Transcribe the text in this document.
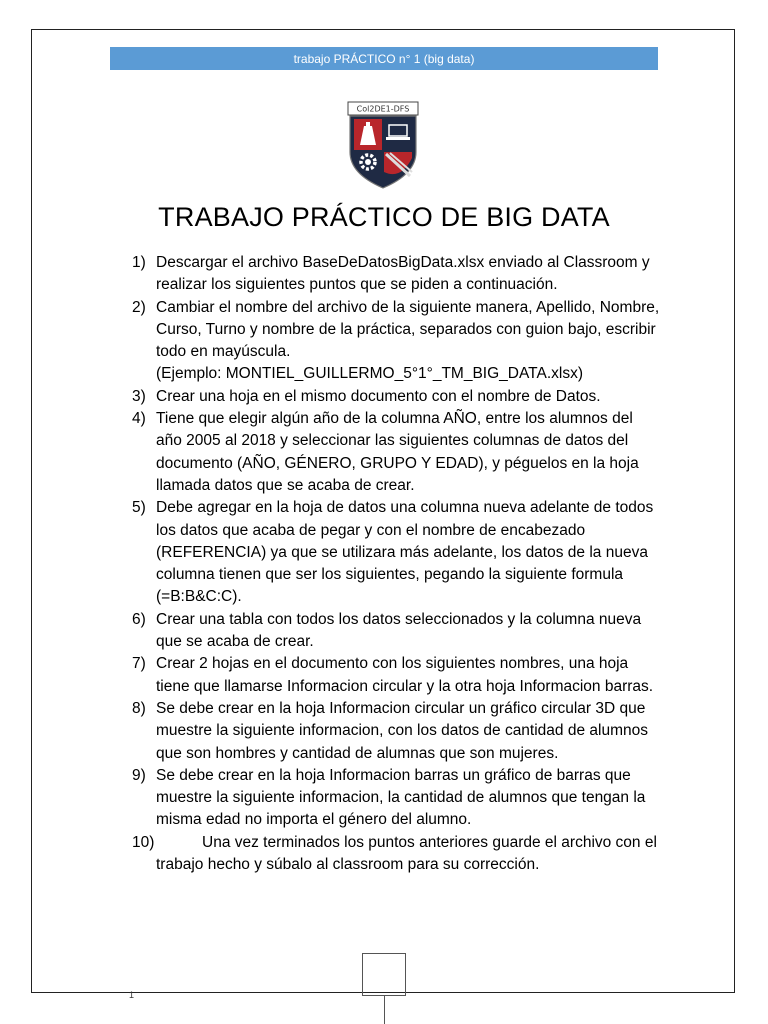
trabajo PRÁCTICO n° 1 (big data)
Col2DE1-DFS
TRABAJO PRÁCTICO DE BIG DATA
1) Descargar el archivo BaseDeDatosBigData.xlsx enviado al Classroom y realizar los siguientes puntos que se piden a continuación.
2) Cambiar el nombre del archivo de la siguiente manera, Apellido, Nombre, Curso, Turno y nombre de la práctica, separados con guion bajo, escribir todo en mayúscula.
(Ejemplo: MONTIEL_GUILLERMO_5°1°_TM_BIG_DATA.xlsx)
3) Crear una hoja en el mismo documento con el nombre de Datos.
4) Tiene que elegir algún año de la columna AÑO, entre los alumnos del año 2005 al 2018 y seleccionar las siguientes columnas de datos del documento (AÑO, GÉNERO, GRUPO Y EDAD), y péguelos en la hoja llamada datos que se acaba de crear.
5) Debe agregar en la hoja de datos una columna nueva adelante de todos los datos que acaba de pegar y con el nombre de encabezado (REFERENCIA) ya que se utilizara más adelante, los datos de la nueva columna tienen que ser los siguientes, pegando la siguiente formula (=B:B&C:C).
6) Crear una tabla con todos los datos seleccionados y la columna nueva que se acaba de crear.
7) Crear 2 hojas en el documento con los siguientes nombres, una hoja tiene que llamarse Informacion circular y la otra hoja Informacion barras.
8) Se debe crear en la hoja Informacion circular un gráfico circular 3D que muestre la siguiente informacion, con los datos de cantidad de alumnos que son hombres y cantidad de alumnas que son mujeres.
9) Se debe crear en la hoja Informacion barras un gráfico de barras que muestre la siguiente informacion, la cantidad de alumnos que tengan la misma edad no importa el género del alumno.
10)	Una vez terminados los puntos anteriores guarde el archivo con el trabajo hecho y súbalo al classroom para su corrección.
1
